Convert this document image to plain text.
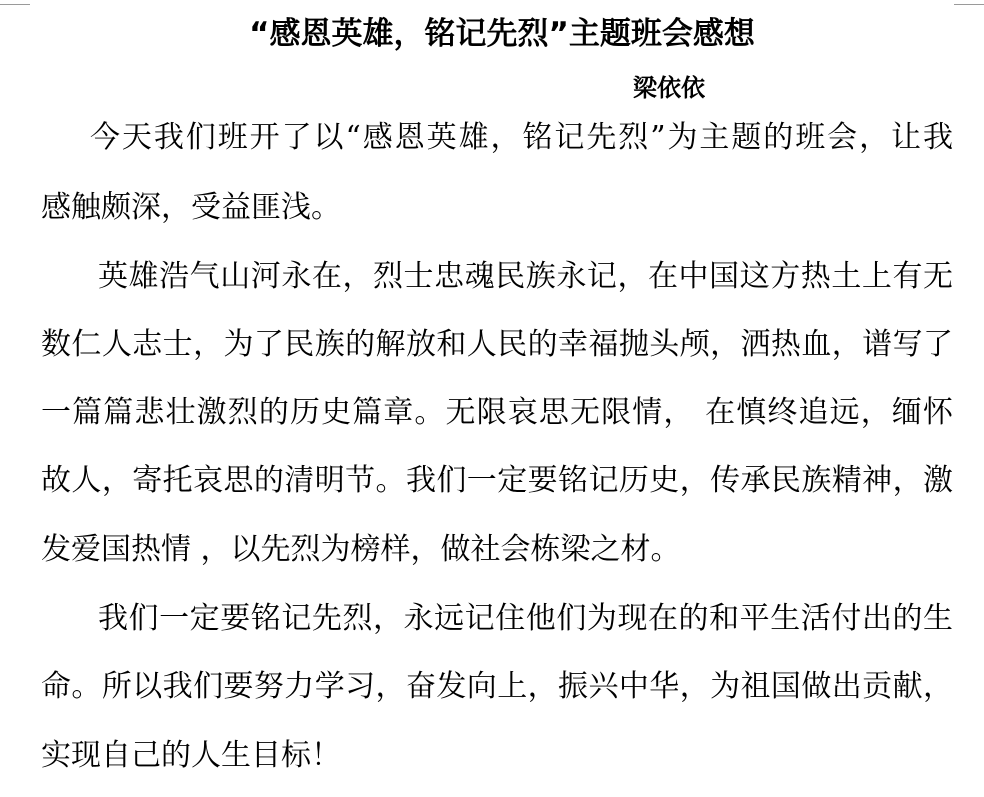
“感恩英雄，铭记先烈”主题班会感想
梁依依
今天我们班开了以“感恩英雄，铭记先烈”为主题的班会，让我
感触颇深，受益匪浅。
英雄浩气山河永在，烈士忠魂民族永记，在中国这方热土上有无
数仁人志士，为了民族的解放和人民的幸福抛头颅，洒热血，谱写了
一篇篇悲壮激烈的历史篇章。无限哀思无限情， 在慎终追远，缅怀
故人，寄托哀思的清明节。我们一定要铭记历史，传承民族精神，激
发爱国热情 ，以先烈为榜样，做社会栋梁之材。
我们一定要铭记先烈，永远记住他们为现在的和平生活付出的生
命。所以我们要努力学习，奋发向上，振兴中华，为祖国做出贡献，
实现自己的人生目标！
